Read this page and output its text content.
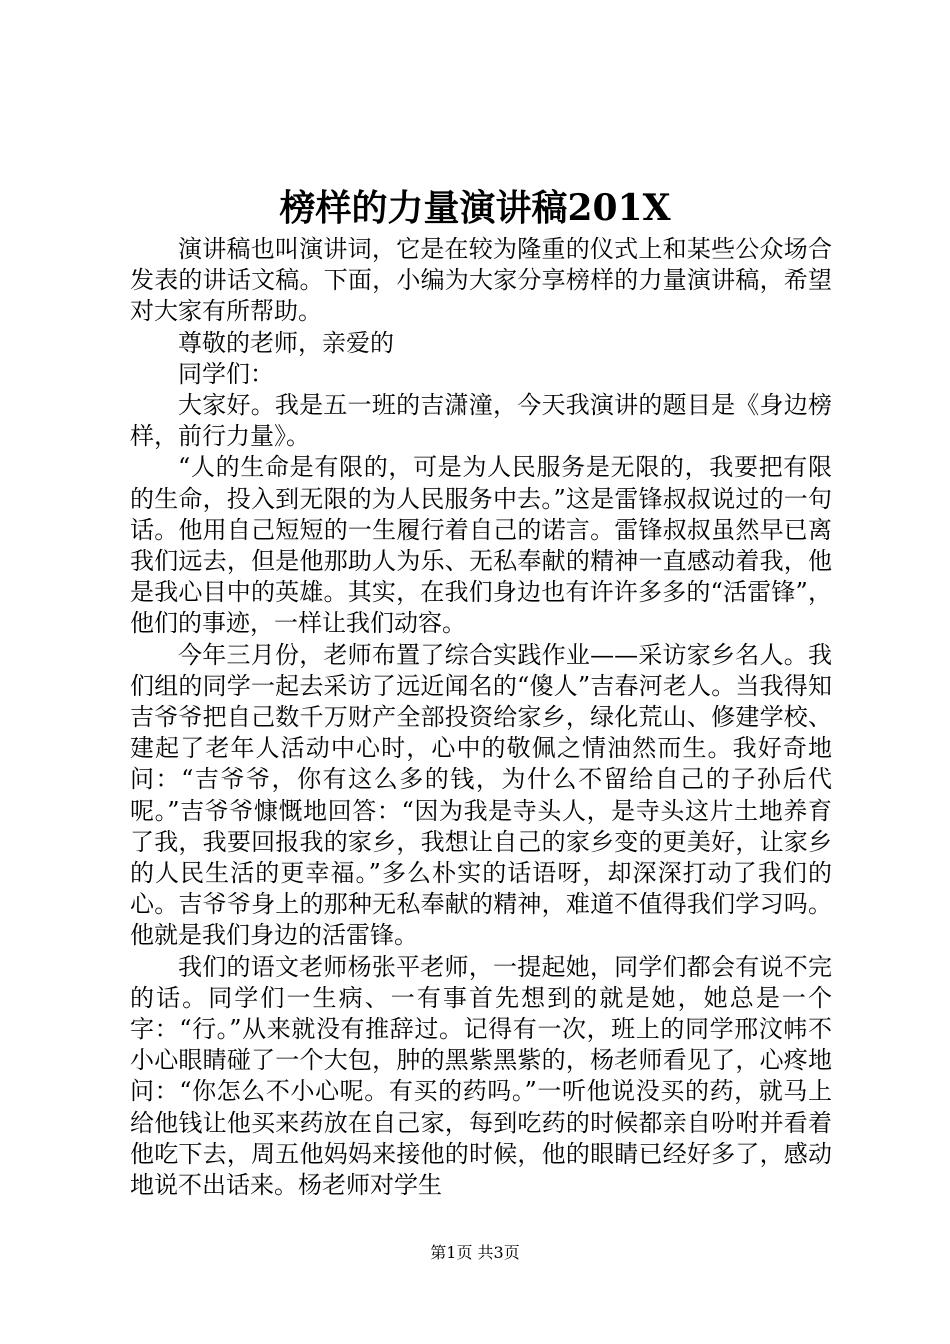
榜样的力量演讲稿201X

演讲稿也叫演讲词，它是在较为隆重的仪式上和某些公众场合发表的讲话文稿。下面，小编为大家分享榜样的力量演讲稿，希望对大家有所帮助。

尊敬的老师，亲爱的

同学们：

大家好。我是五一班的吉潇潼，今天我演讲的题目是《身边榜样，前行力量》。

“人的生命是有限的，可是为人民服务是无限的，我要把有限的生命，投入到无限的为人民服务中去。”这是雷锋叔叔说过的一句话。他用自己短短的一生履行着自己的诺言。雷锋叔叔虽然早已离我们远去，但是他那助人为乐、无私奉献的精神一直感动着我，他是我心目中的英雄。其实，在我们身边也有许许多多的“活雷锋”，他们的事迹，一样让我们动容。

今年三月份，老师布置了综合实践作业——采访家乡名人。我们组的同学一起去采访了远近闻名的“傻人”吉春河老人。当我得知吉爷爷把自己数千万财产全部投资给家乡，绿化荒山、修建学校、建起了老年人活动中心时，心中的敬佩之情油然而生。我好奇地问：“吉爷爷，你有这么多的钱，为什么不留给自己的子孙后代呢。”吉爷爷慷慨地回答：“因为我是寺头人，是寺头这片土地养育了我，我要回报我的家乡，我想让自己的家乡变的更美好，让家乡的人民生活的更幸福。”多么朴实的话语呀，却深深打动了我们的心。吉爷爷身上的那种无私奉献的精神，难道不值得我们学习吗。他就是我们身边的活雷锋。

我们的语文老师杨张平老师，一提起她，同学们都会有说不完的话。同学们一生病、一有事首先想到的就是她，她总是一个字：“行。”从来就没有推辞过。记得有一次，班上的同学邢汶帏不小心眼睛碰了一个大包，肿的黑紫黑紫的，杨老师看见了，心疼地问：“你怎么不小心呢。有买的药吗。”一听他说没买的药，就马上给他钱让他买来药放在自己家，每到吃药的时候都亲自吩咐并看着他吃下去，周五他妈妈来接他的时候，他的眼睛已经好多了，感动地说不出话来。杨老师对学生

第1页 共3页
